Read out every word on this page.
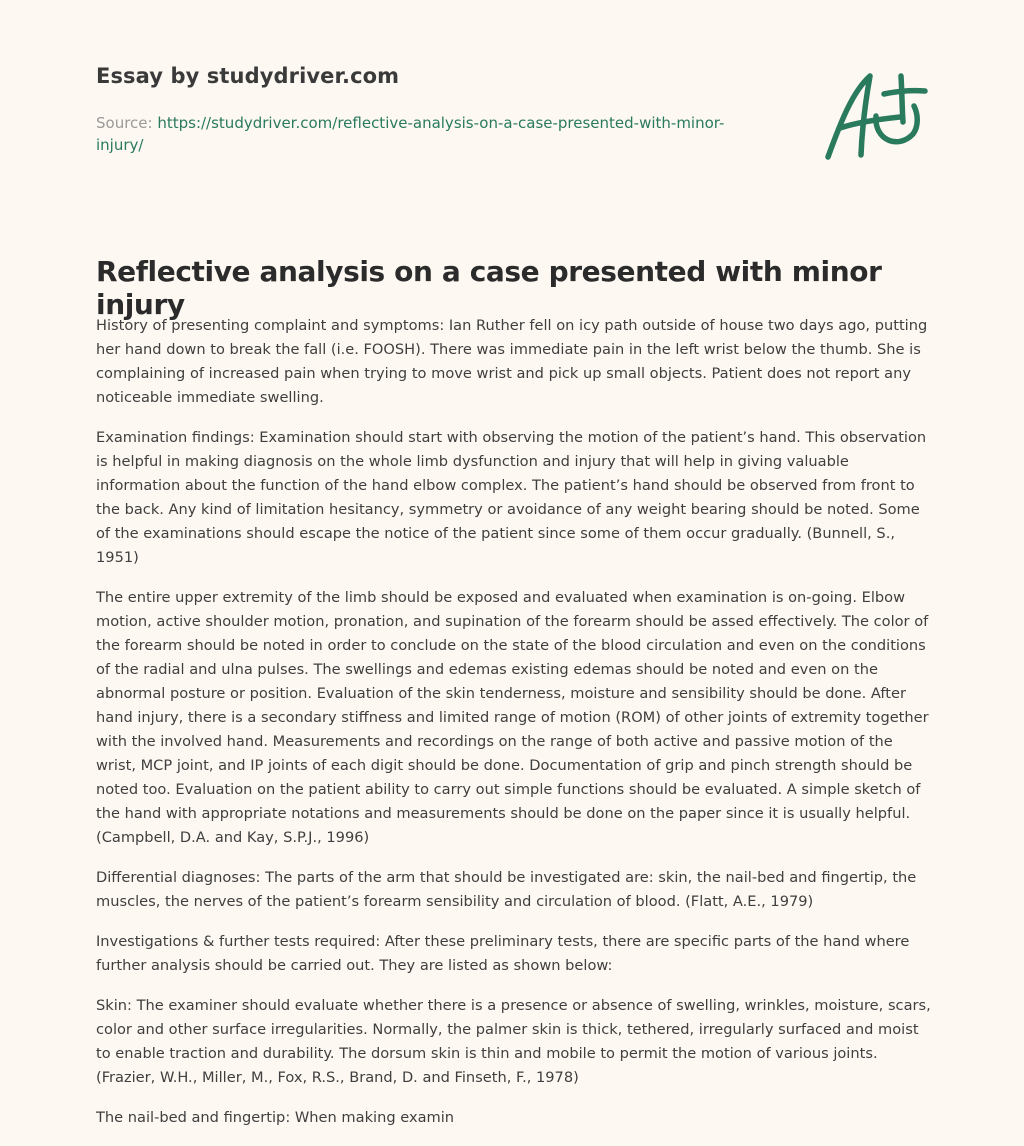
Essay by studydriver.com
Source: https://studydriver.com/reflective-analysis-on-a-case-presented-with-minor-injury/
Reflective analysis on a case presented with minor injury

History of presenting complaint and symptoms: Ian Ruther fell on icy path outside of house two days ago, putting her hand down to break the fall (i.e. FOOSH). There was immediate pain in the left wrist below the thumb. She is complaining of increased pain when trying to move wrist and pick up small objects. Patient does not report any noticeable immediate swelling.

Examination findings: Examination should start with observing the motion of the patient’s hand. This observation is helpful in making diagnosis on the whole limb dysfunction and injury that will help in giving valuable information about the function of the hand elbow complex. The patient’s hand should be observed from front to the back. Any kind of limitation hesitancy, symmetry or avoidance of any weight bearing should be noted. Some of the examinations should escape the notice of the patient since some of them occur gradually. (Bunnell, S., 1951)

The entire upper extremity of the limb should be exposed and evaluated when examination is on-going. Elbow motion, active shoulder motion, pronation, and supination of the forearm should be assed effectively. The color of the forearm should be noted in order to conclude on the state of the blood circulation and even on the conditions of the radial and ulna pulses. The swellings and edemas existing edemas should be noted and even on the abnormal posture or position. Evaluation of the skin tenderness, moisture and sensibility should be done. After hand injury, there is a secondary stiffness and limited range of motion (ROM) of other joints of extremity together with the involved hand. Measurements and recordings on the range of both active and passive motion of the wrist, MCP joint, and IP joints of each digit should be done. Documentation of grip and pinch strength should be noted too. Evaluation on the patient ability to carry out simple functions should be evaluated. A simple sketch of the hand with appropriate notations and measurements should be done on the paper since it is usually helpful. (Campbell, D.A. and Kay, S.P.J., 1996)

Differential diagnoses: The parts of the arm that should be investigated are: skin, the nail-bed and fingertip, the muscles, the nerves of the patient’s forearm sensibility and circulation of blood. (Flatt, A.E., 1979)

Investigations & further tests required: After these preliminary tests, there are specific parts of the hand where further analysis should be carried out. They are listed as shown below:

Skin: The examiner should evaluate whether there is a presence or absence of swelling, wrinkles, moisture, scars, color and other surface irregularities. Normally, the palmer skin is thick, tethered, irregularly surfaced and moist to enable traction and durability. The dorsum skin is thin and mobile to permit the motion of various joints. (Frazier, W.H., Miller, M., Fox, R.S., Brand, D. and Finseth, F., 1978)

The nail-bed and fingertip: When making examin
